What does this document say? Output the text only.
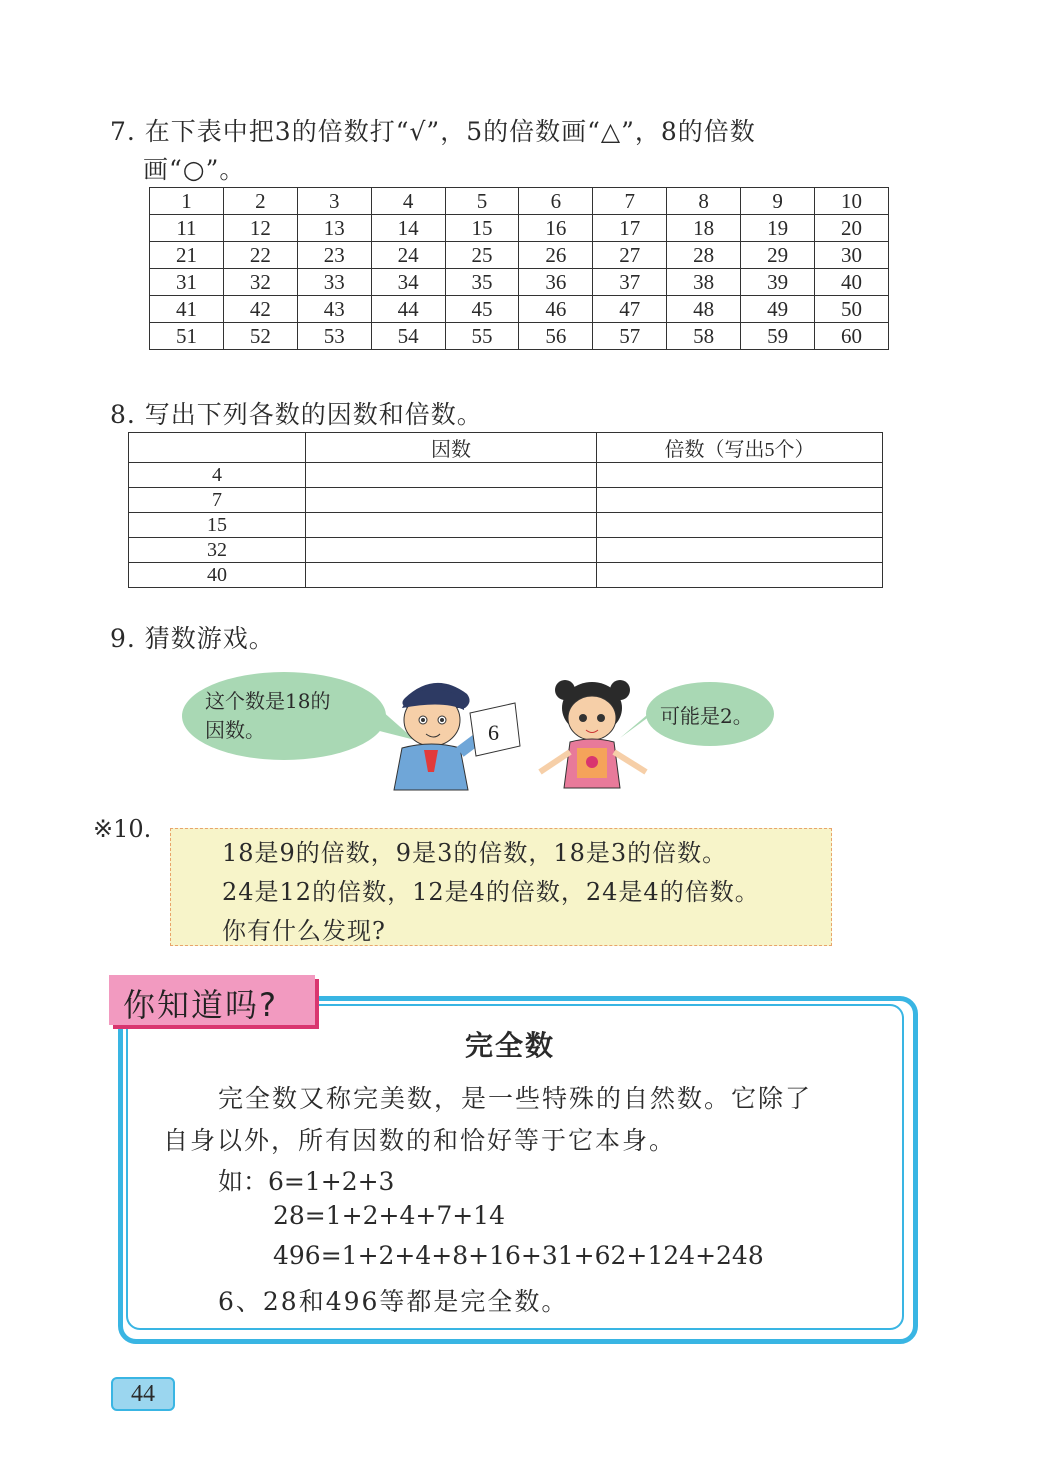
7. 在下表中把3的倍数打“√”，5的倍数画“△”，8的倍数
画“○”。
1	2	3	4	5	6	7	8	9	10
11	12	13	14	15	16	17	18	19	20
21	22	23	24	25	26	27	28	29	30
31	32	33	34	35	36	37	38	39	40
41	42	43	44	45	46	47	48	49	50
51	52	53	54	55	56	57	58	59	60
8. 写出下列各数的因数和倍数。
	因数	倍数（写出5个）
4		
7		
15		
32		
40		
9. 猜数游戏。
6
这个数是18的
因数。
可能是2。
※10.
18是9的倍数，9是3的倍数，18是3的倍数。
24是12的倍数，12是4的倍数，24是4的倍数。
你有什么发现?
你知道吗?
完全数
完全数又称完美数，是一些特殊的自然数。它除了
自身以外，所有因数的和恰好等于它本身。
如：6=1+2+3
28=1+2+4+7+14
496=1+2+4+8+16+31+62+124+248
6、28和496等都是完全数。
44
